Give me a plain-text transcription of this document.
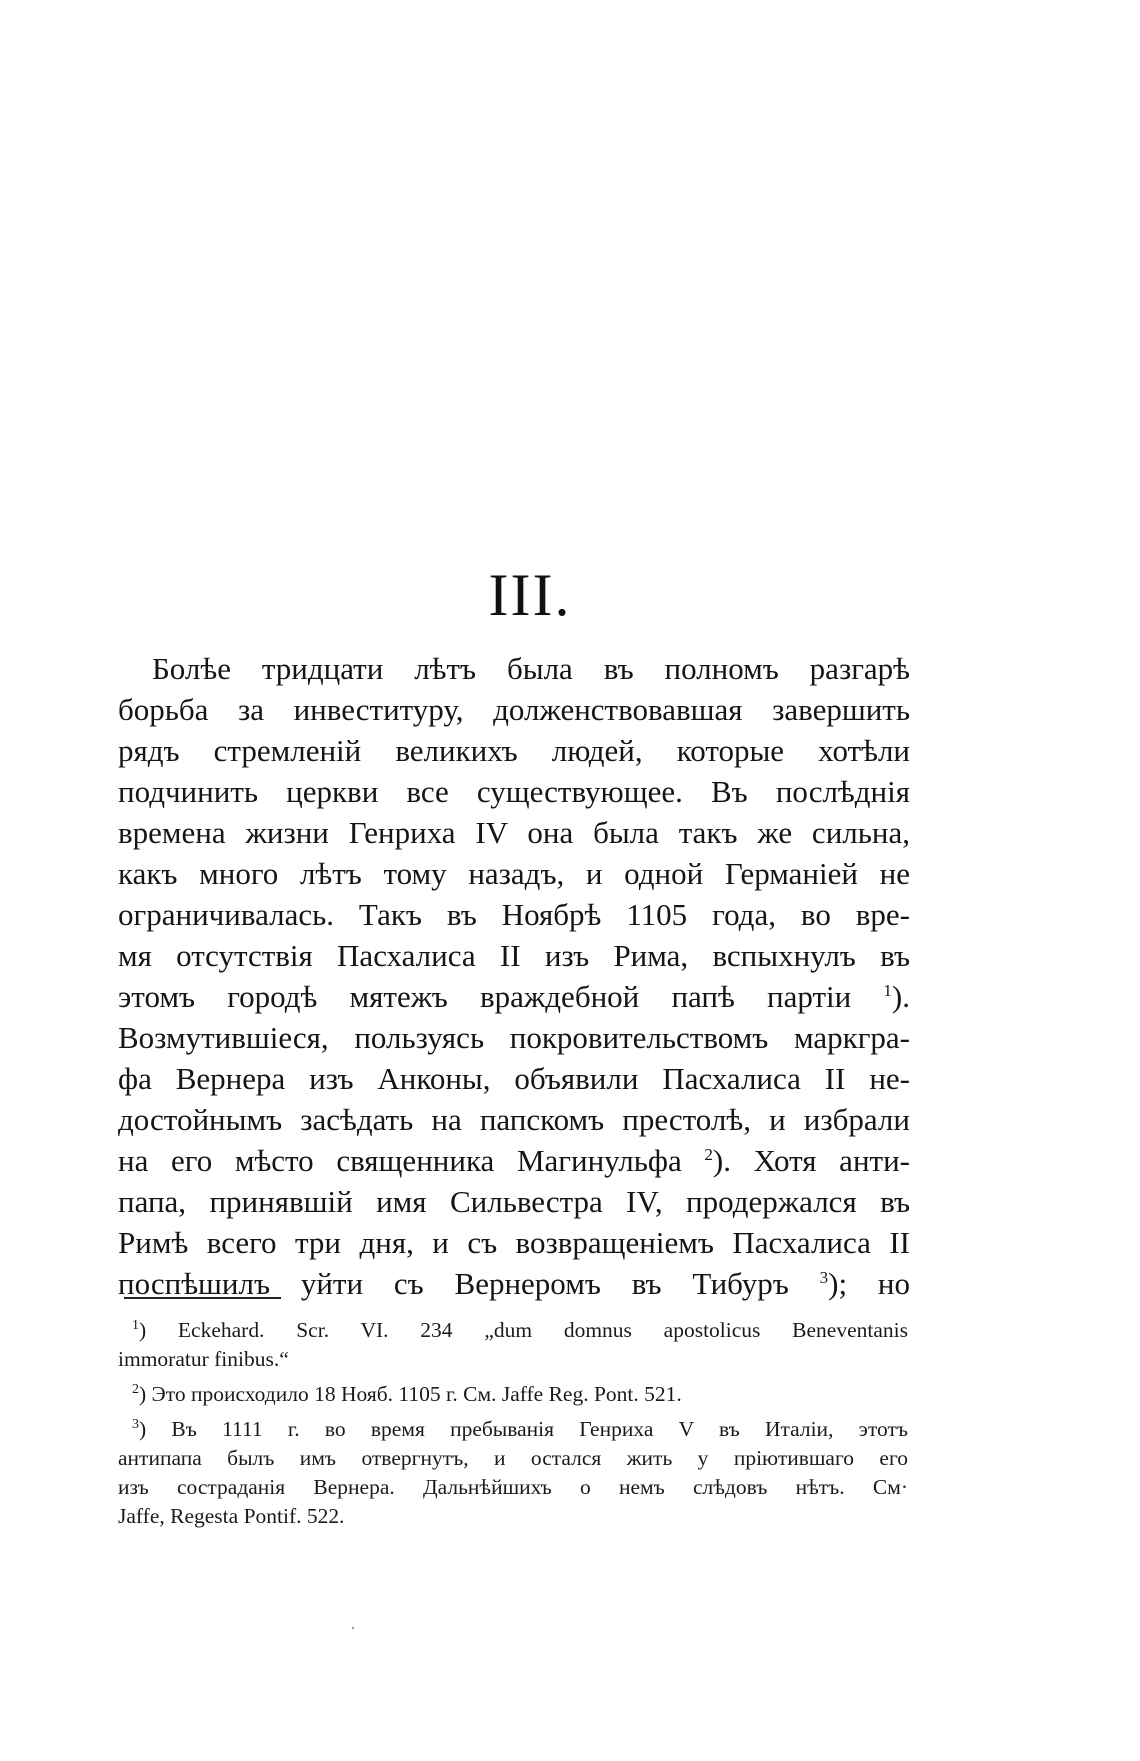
III.
Болѣе тридцати лѣтъ была въ полномъ разгарѣ
борьба за инвеституру, долженствовавшая завершить
рядъ стремленій великихъ людей, которые хотѣли
подчинить церкви все существующее. Въ послѣднія
времена жизни Генриха IV она была такъ же сильна,
какъ много лѣтъ тому назадъ, и одной Германіей не
ограничивалась. Такъ въ Ноябрѣ 1105 года, во вре-
мя отсутствія Пасхалиса II изъ Рима, вспыхнулъ въ
этомъ городѣ мятежъ враждебной папѣ партіи $^1$).
Возмутившіеся, пользуясь покровительствомъ маркгра-
фа Вернера изъ Анконы, объявили Пасхалиса II не-
достойнымъ засѣдать на папскомъ престолѣ, и избрали
на его мѣсто священника Магинульфа $^2$). Хотя анти-
папа, принявшій имя Сильвестра IV, продержался въ
Римѣ всего три дня, и съ возвращеніемъ Пасхалиса II
поспѣшилъ уйти съ Вернеромъ въ Тибуръ $^3$); но
$^1$) Eckehard. Scr. VI. 234 „dum domnus apostolicus Beneventanis
immoratur finibus.“
$^2$) Это происходило 18 Нояб. 1105 г. См. Jaffe Reg. Pont. 521.
$^3$) Въ 1111 г. во время пребыванія Генриха V въ Италіи, этотъ
антипапа былъ имъ отвергнутъ, и остался жить у пріютившаго его
изъ состраданія Вернера. Дальнѣйшихъ о немъ слѣдовъ нѣтъ. См·
Jaffe, Regesta Pontif. 522.
